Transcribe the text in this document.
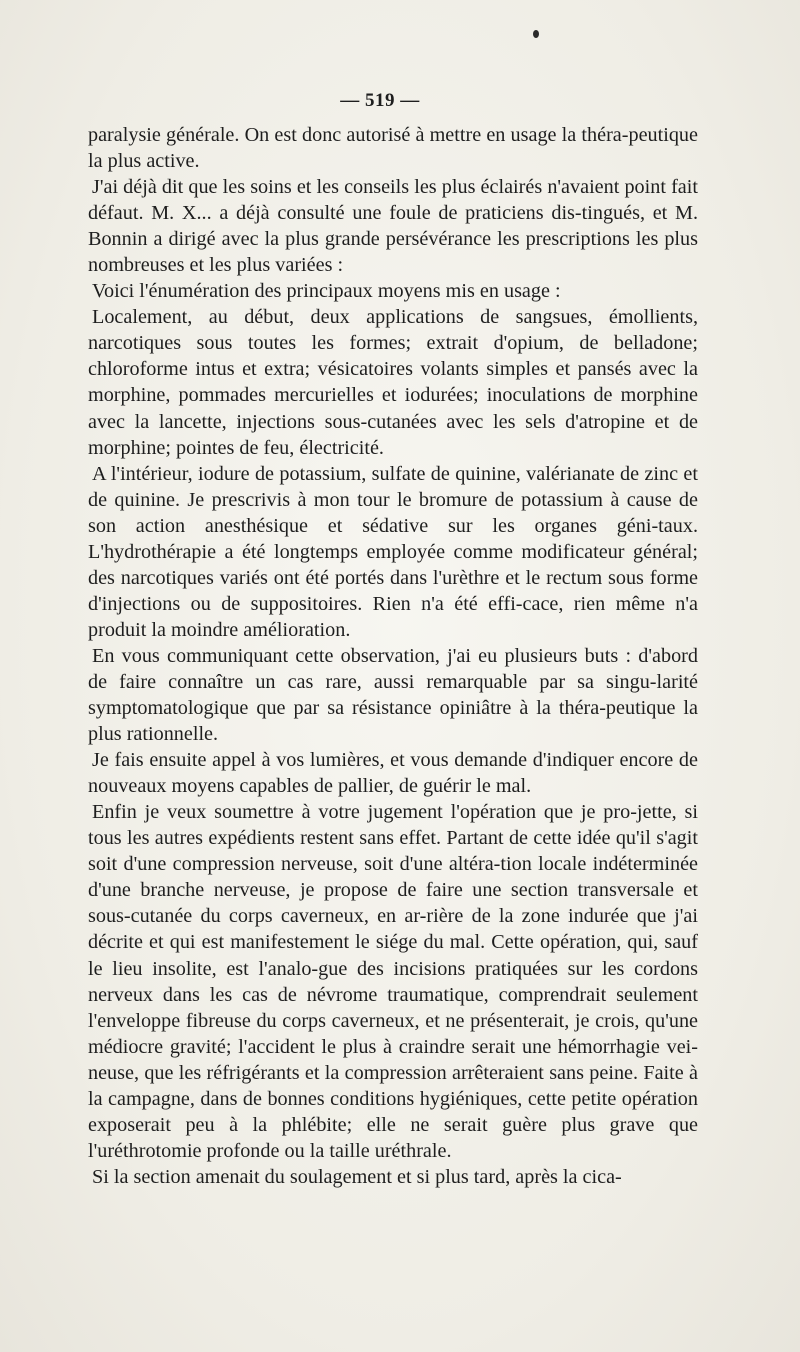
— 519 —

paralysie générale. On est donc autorisé à mettre en usage la théra-peutique la plus active.

J'ai déjà dit que les soins et les conseils les plus éclairés n'avaient point fait défaut. M. X... a déjà consulté une foule de praticiens dis-tingués, et M. Bonnin a dirigé avec la plus grande persévérance les prescriptions les plus nombreuses et les plus variées :

Voici l'énumération des principaux moyens mis en usage :

Localement, au début, deux applications de sangsues, émollients, narcotiques sous toutes les formes; extrait d'opium, de belladone; chloroforme intus et extra; vésicatoires volants simples et pansés avec la morphine, pommades mercurielles et iodurées; inoculations de morphine avec la lancette, injections sous-cutanées avec les sels d'atropine et de morphine; pointes de feu, électricité.

A l'intérieur, iodure de potassium, sulfate de quinine, valérianate de zinc et de quinine. Je prescrivis à mon tour le bromure de potassium à cause de son action anesthésique et sédative sur les organes géni-taux. L'hydrothérapie a été longtemps employée comme modificateur général; des narcotiques variés ont été portés dans l'urèthre et le rectum sous forme d'injections ou de suppositoires. Rien n'a été effi-cace, rien même n'a produit la moindre amélioration.

En vous communiquant cette observation, j'ai eu plusieurs buts : d'abord de faire connaître un cas rare, aussi remarquable par sa singu-larité symptomatologique que par sa résistance opiniâtre à la théra-peutique la plus rationnelle.

Je fais ensuite appel à vos lumières, et vous demande d'indiquer encore de nouveaux moyens capables de pallier, de guérir le mal.

Enfin je veux soumettre à votre jugement l'opération que je pro-jette, si tous les autres expédients restent sans effet. Partant de cette idée qu'il s'agit soit d'une compression nerveuse, soit d'une altéra-tion locale indéterminée d'une branche nerveuse, je propose de faire une section transversale et sous-cutanée du corps caverneux, en ar-rière de la zone indurée que j'ai décrite et qui est manifestement le siége du mal. Cette opération, qui, sauf le lieu insolite, est l'analo-gue des incisions pratiquées sur les cordons nerveux dans les cas de névrome traumatique, comprendrait seulement l'enveloppe fibreuse du corps caverneux, et ne présenterait, je crois, qu'une médiocre gravité; l'accident le plus à craindre serait une hémorrhagie vei-neuse, que les réfrigérants et la compression arrêteraient sans peine. Faite à la campagne, dans de bonnes conditions hygiéniques, cette petite opération exposerait peu à la phlébite; elle ne serait guère plus grave que l'uréthrotomie profonde ou la taille uréthrale.

Si la section amenait du soulagement et si plus tard, après la cica-
